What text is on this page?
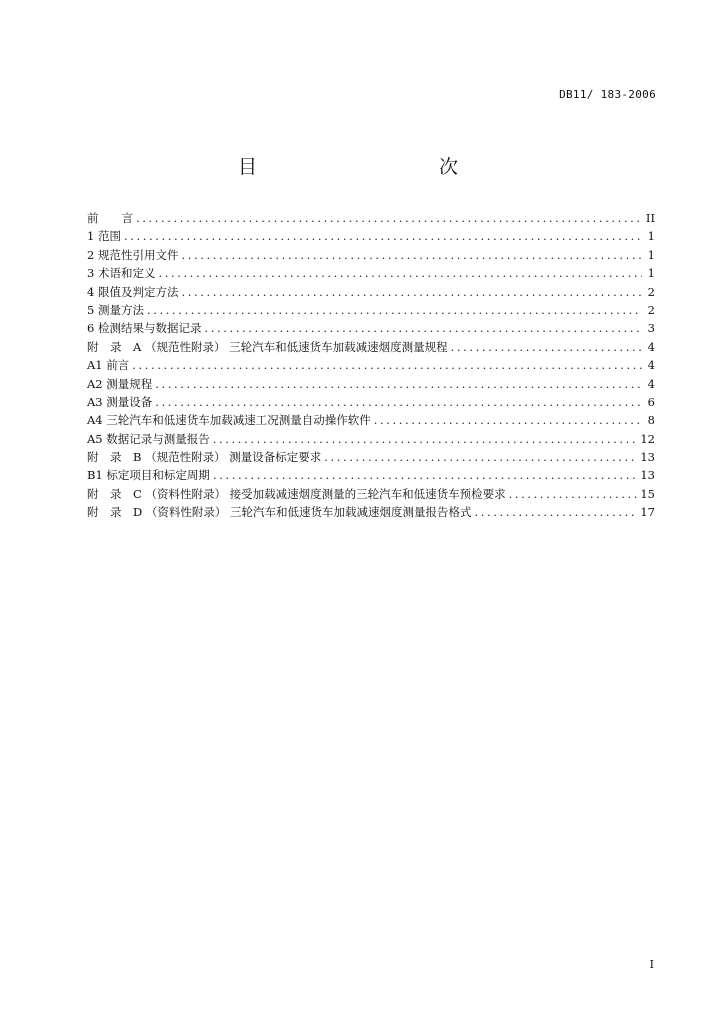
DB11/ 183-2006
目　　次
前　　言 .....	II
1 范围 .....	1
2 规范性引用文件 .....	1
3 术语和定义 .....	1
4 限值及判定方法 .....	2
5 测量方法 .....	2
6 检测结果与数据记录 .....	3
附　录　A （规范性附录） 三轮汽车和低速货车加载减速烟度测量规程 .....	4
A1 前言 .....	4
A2 测量规程 .....	4
A3 测量设备 .....	6
A4 三轮汽车和低速货车加载减速工况测量自动操作软件 .....	8
A5 数据记录与测量报告 .....	12
附　录　B （规范性附录） 测量设备标定要求 .....	13
B1 标定项目和标定周期 .....	13
附　录　C （资料性附录） 接受加载减速烟度测量的三轮汽车和低速货车预检要求 .....	15
附　录　D （资料性附录） 三轮汽车和低速货车加载减速烟度测量报告格式 .....	17
I
